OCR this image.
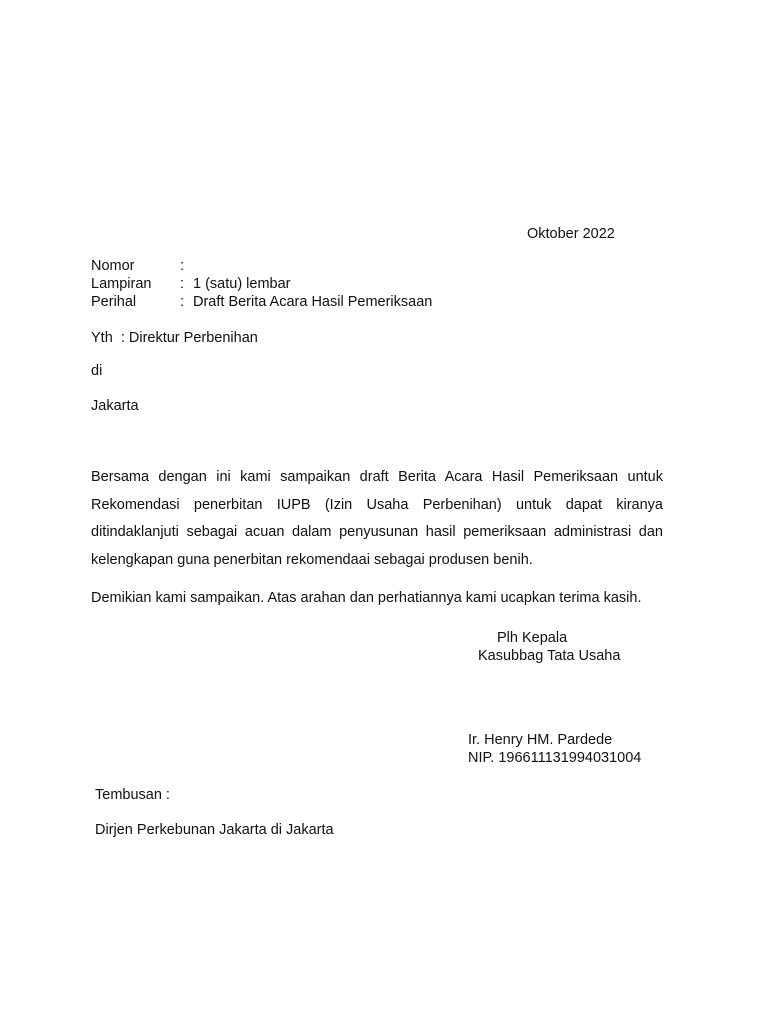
Oktober 2022
Nomor	:
Lampiran : 1 (satu) lembar
Perihal	: Draft Berita Acara Hasil Pemeriksaan
Yth  : Direktur Perbenihan
di
Jakarta
Bersama dengan ini kami sampaikan draft Berita Acara Hasil Pemeriksaan untuk Rekomendasi penerbitan IUPB (Izin Usaha Perbenihan) untuk dapat kiranya ditindaklanjuti sebagai acuan dalam penyusunan hasil pemeriksaan administrasi dan kelengkapan guna penerbitan rekomendaai sebagai produsen benih.
Demikian kami sampaikan. Atas arahan dan perhatiannya kami ucapkan terima kasih.
Plh Kepala
Kasubbag Tata Usaha
Ir. Henry HM. Pardede
NIP. 196611131994031004
Tembusan :
Dirjen Perkebunan Jakarta di Jakarta
